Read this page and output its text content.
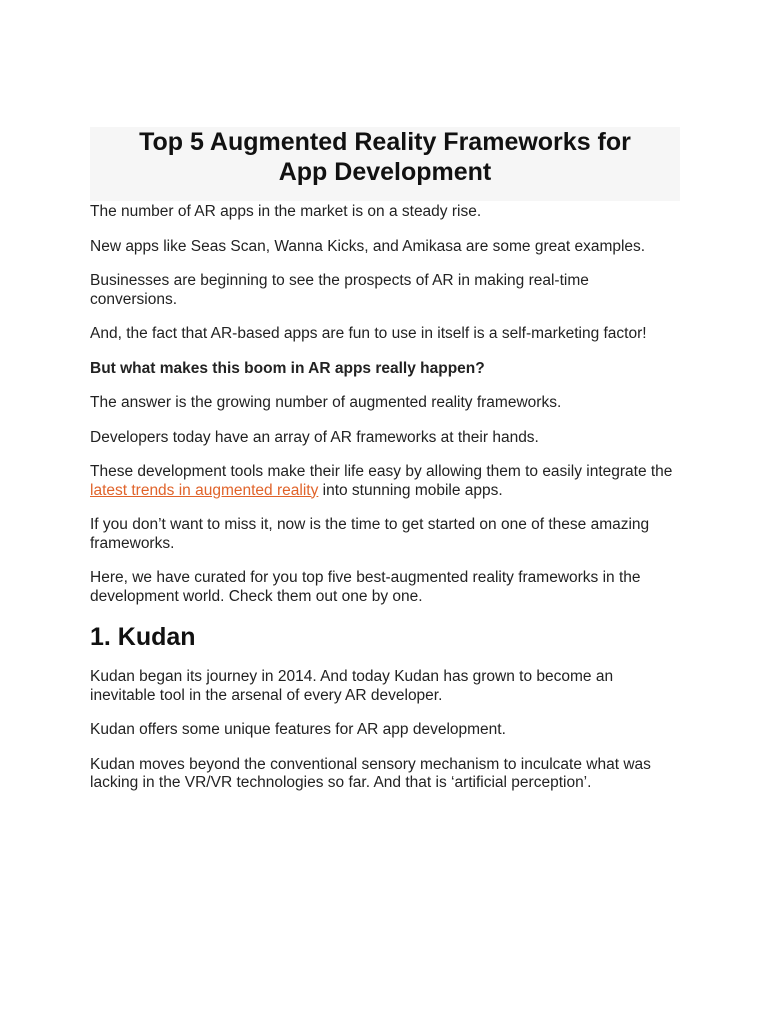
Top 5 Augmented Reality Frameworks for
App Development

The number of AR apps in the market is on a steady rise.

New apps like Seas Scan, Wanna Kicks, and Amikasa are some great examples.

Businesses are beginning to see the prospects of AR in making real-time conversions.

And, the fact that AR-based apps are fun to use in itself is a self-marketing factor!

But what makes this boom in AR apps really happen?

The answer is the growing number of augmented reality frameworks.

Developers today have an array of AR frameworks at their hands.

These development tools make their life easy by allowing them to easily integrate the latest trends in augmented reality into stunning mobile apps.

If you don’t want to miss it, now is the time to get started on one of these amazing frameworks.

Here, we have curated for you top five best-augmented reality frameworks in the development world. Check them out one by one.

1. Kudan

Kudan began its journey in 2014. And today Kudan has grown to become an inevitable tool in the arsenal of every AR developer.

Kudan offers some unique features for AR app development.

Kudan moves beyond the conventional sensory mechanism to inculcate what was lacking in the VR/VR technologies so far. And that is ‘artificial perception’.
